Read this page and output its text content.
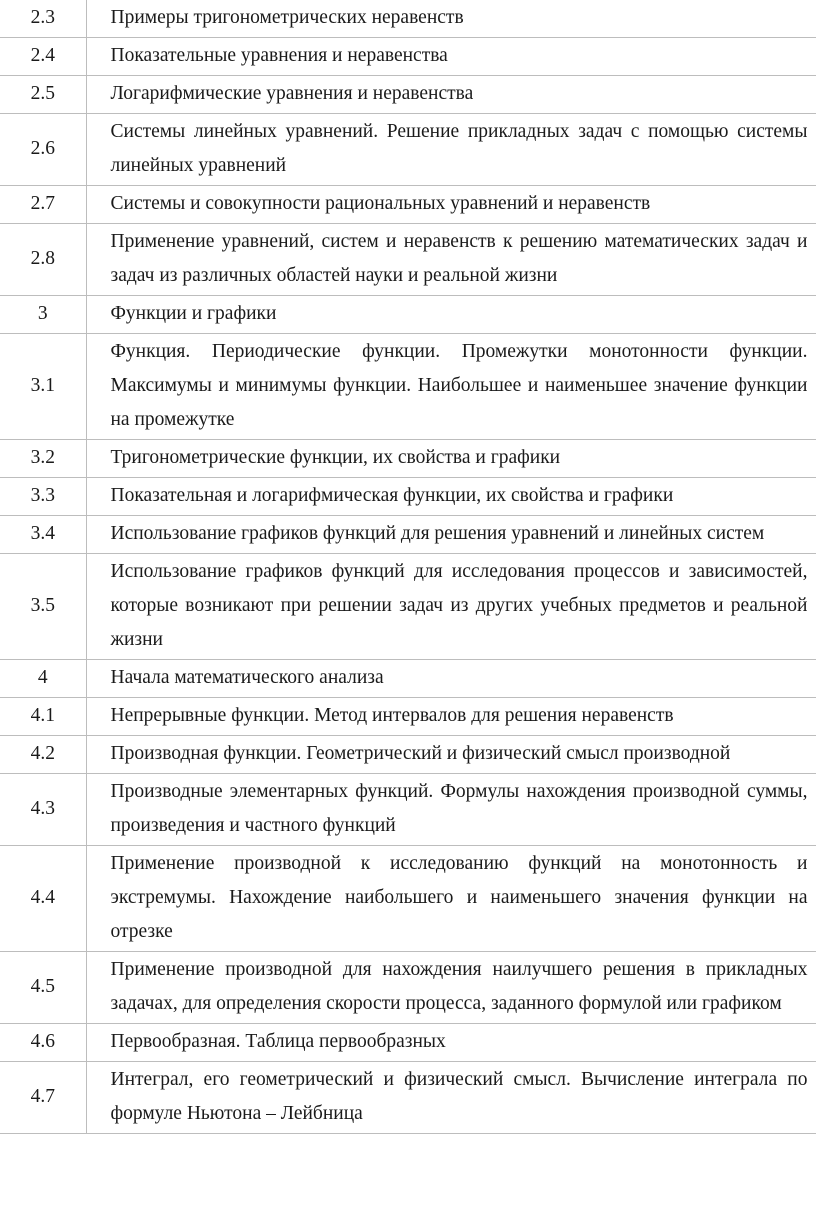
2.3	Примеры тригонометрических неравенств
2.4	Показательные уравнения и неравенства
2.5	Логарифмические уравнения и неравенства
2.6	Системы линейных уравнений. Решение прикладных задач с помощью системы линейных уравнений
2.7	Системы и совокупности рациональных уравнений и неравенств
2.8	Применение уравнений, систем и неравенств к решению математических задач и задач из различных областей науки и реальной жизни
3	Функции и графики
3.1	Функция. Периодические функции. Промежутки монотонности функции. Максимумы и минимумы функции. Наибольшее и наименьшее значение функции на промежутке
3.2	Тригонометрические функции, их свойства и графики
3.3	Показательная и логарифмическая функции, их свойства и графики
3.4	Использование графиков функций для решения уравнений и линейных систем
3.5	Использование графиков функций для исследования процессов и зависимостей, которые возникают при решении задач из других учебных предметов и реальной жизни
4	Начала математического анализа
4.1	Непрерывные функции. Метод интервалов для решения неравенств
4.2	Производная функции. Геометрический и физический смысл производной
4.3	Производные элементарных функций. Формулы нахождения производной суммы, произведения и частного функций
4.4	Применение производной к исследованию функций на монотонность и экстремумы. Нахождение наибольшего и наименьшего значения функции на отрезке
4.5	Применение производной для нахождения наилучшего решения в прикладных задачах, для определения скорости процесса, заданного формулой или графиком
4.6	Первообразная. Таблица первообразных
4.7	Интеграл, его геометрический и физический смысл. Вычисление интеграла по формуле Ньютона – Лейбница
